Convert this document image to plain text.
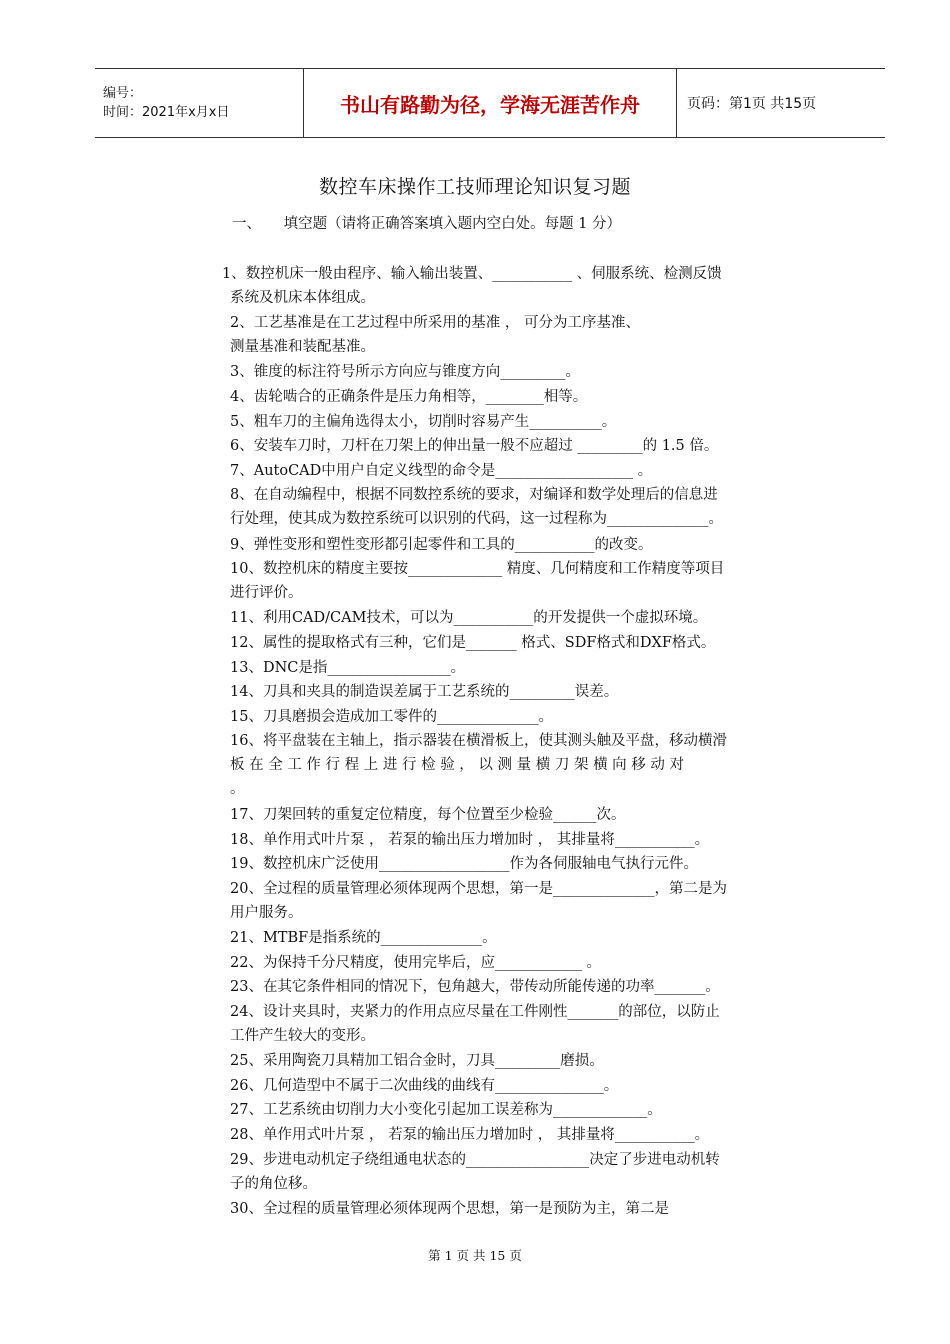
编号：
时间：2021年x月x日	书山有路勤为径，学海无涯苦作舟	页码：第1页 共15页
数控车床操作工技师理论知识复习题
一、 填空题（请将正确答案填入题内空白处。每题 1 分）
1、数控机床一般由程序、输入输出装置、___________ 、伺服系统、检测反馈
系统及机床本体组成。
2、工艺基准是在工艺过程中所采用的基准 ， 可分为工序基准、
测量基准和装配基准。
3、锥度的标注符号所示方向应与锥度方向_________。
4、齿轮啮合的正确条件是压力角相等，________相等。
5、粗车刀的主偏角选得太小，切削时容易产生__________。
6、安装车刀时，刀杆在刀架上的伸出量一般不应超过 _________的 1.5 倍。
7、AutoCAD中用户自定义线型的命令是___________________ 。
8、在自动编程中，根据不同数控系统的要求，对编译和数学处理后的信息进
行处理，使其成为数控系统可以识别的代码，这一过程称为______________。
9、弹性变形和塑性变形都引起零件和工具的___________的改变。
10、数控机床的精度主要按_____________ 精度、几何精度和工作精度等项目
进行评价。
11、利用CAD/CAM技术，可以为___________的开发提供一个虚拟环境。
12、属性的提取格式有三种，它们是_______ 格式、SDF格式和DXF格式。
13、DNC是指_________________。
14、刀具和夹具的制造误差属于工艺系统的_________误差。
15、刀具磨损会造成加工零件的______________。
16、将平盘装在主轴上，指示器装在横滑板上，使其测头触及平盘，移动横滑
板 在 全 工 作 行 程 上 进 行 检 验 ， 以 测 量 横 刀 架 横 向 移 动 对
。
17、刀架回转的重复定位精度，每个位置至少检验______次。
18、单作用式叶片泵 ， 若泵的输出压力增加时 ， 其排量将___________。
19、数控机床广泛使用__________________作为各伺服轴电气执行元件。
20、全过程的质量管理必须体现两个思想，第一是______________，第二是为
用户服务。
21、MTBF是指系统的______________。
22、为保持千分尺精度，使用完毕后，应____________ 。
23、在其它条件相同的情况下，包角越大，带传动所能传递的功率_______。
24、设计夹具时，夹紧力的作用点应尽量在工件刚性_______的部位，以防止
工件产生较大的变形。
25、采用陶瓷刀具精加工铝合金时，刀具_________磨损。
26、几何造型中不属于二次曲线的曲线有_______________。
27、工艺系统由切削力大小变化引起加工误差称为_____________。
28、单作用式叶片泵 ， 若泵的输出压力增加时 ， 其排量将___________。
29、步进电动机定子绕组通电状态的_________________决定了步进电动机转
子的角位移。
30、全过程的质量管理必须体现两个思想，第一是预防为主，第二是
第 1 页 共 15 页
